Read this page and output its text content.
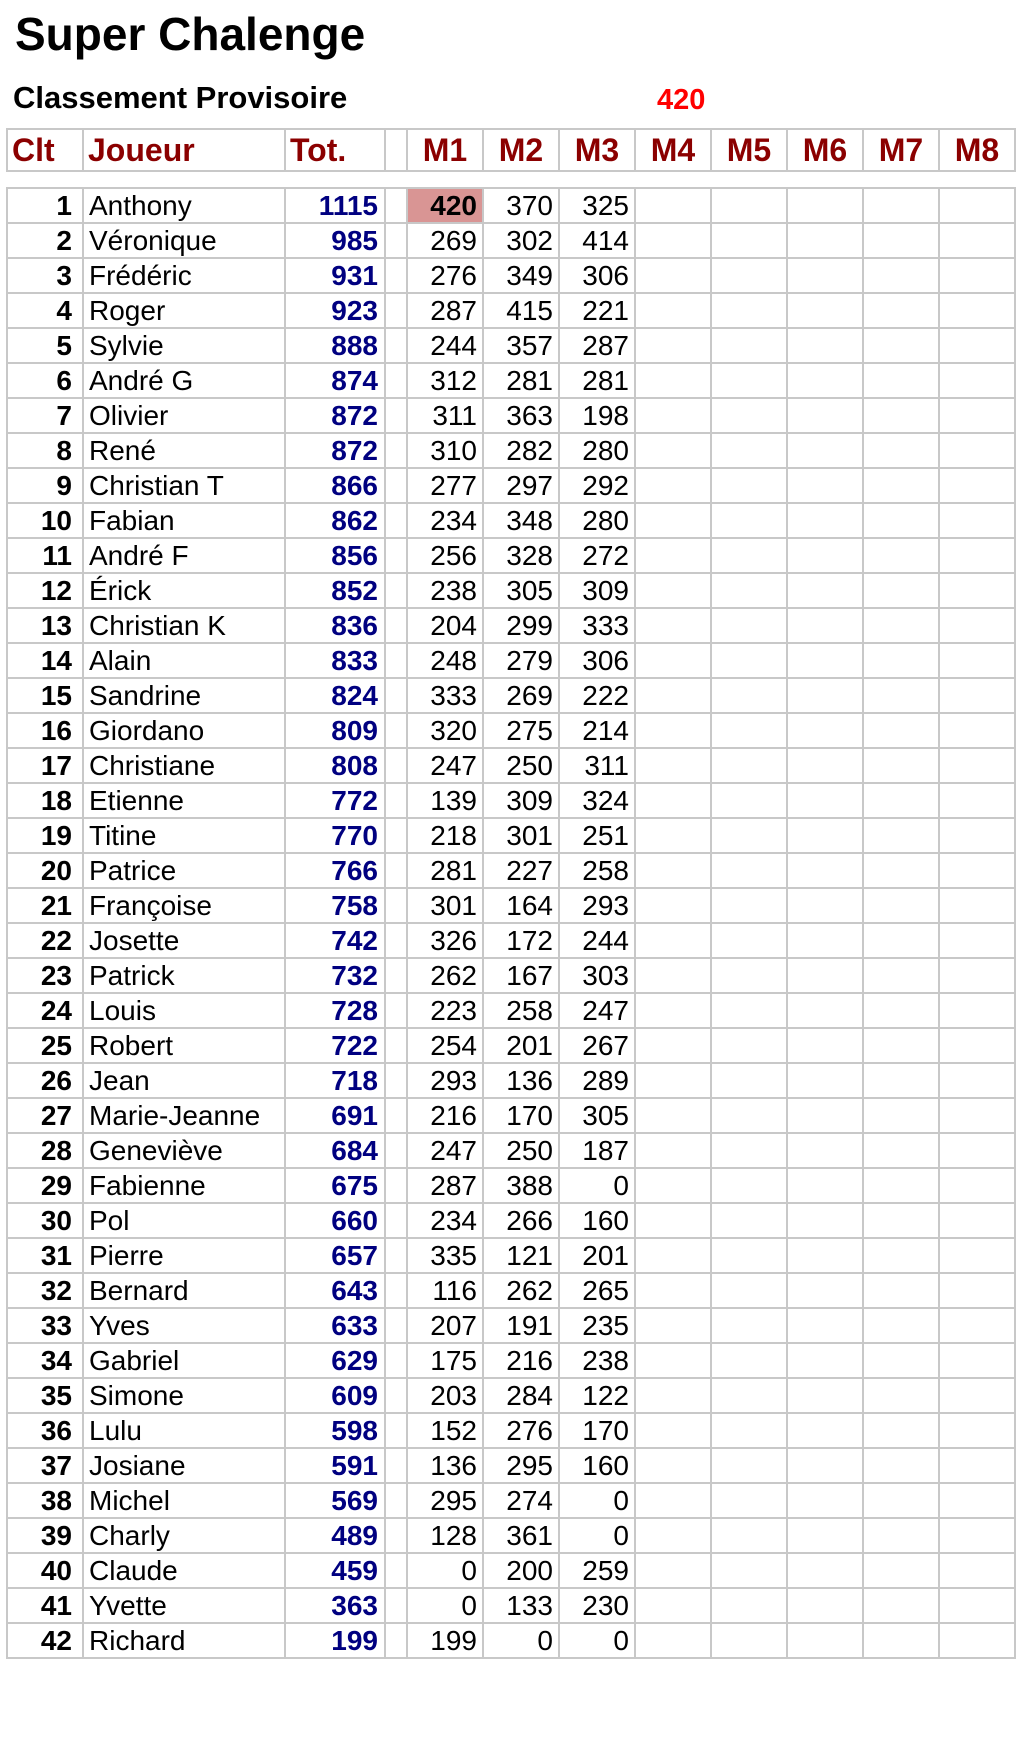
Super Chalenge
Classement Provisoire	420
Clt	Joueur	Tot.		M1	M2	M3	M4	M5	M6	M7	M8
1	Anthony	1115		420	370	325					
2	Véronique	985		269	302	414					
3	Frédéric	931		276	349	306					
4	Roger	923		287	415	221					
5	Sylvie	888		244	357	287					
6	André G	874		312	281	281					
7	Olivier	872		311	363	198					
8	René	872		310	282	280					
9	Christian T	866		277	297	292					
10	Fabian	862		234	348	280					
11	André F	856		256	328	272					
12	Érick	852		238	305	309					
13	Christian K	836		204	299	333					
14	Alain	833		248	279	306					
15	Sandrine	824		333	269	222					
16	Giordano	809		320	275	214					
17	Christiane	808		247	250	311					
18	Etienne	772		139	309	324					
19	Titine	770		218	301	251					
20	Patrice	766		281	227	258					
21	Françoise	758		301	164	293					
22	Josette	742		326	172	244					
23	Patrick	732		262	167	303					
24	Louis	728		223	258	247					
25	Robert	722		254	201	267					
26	Jean	718		293	136	289					
27	Marie-Jeanne	691		216	170	305					
28	Geneviève	684		247	250	187					
29	Fabienne	675		287	388	0					
30	Pol	660		234	266	160					
31	Pierre	657		335	121	201					
32	Bernard	643		116	262	265					
33	Yves	633		207	191	235					
34	Gabriel	629		175	216	238					
35	Simone	609		203	284	122					
36	Lulu	598		152	276	170					
37	Josiane	591		136	295	160					
38	Michel	569		295	274	0					
39	Charly	489		128	361	0					
40	Claude	459		0	200	259					
41	Yvette	363		0	133	230					
42	Richard	199		199	0	0					
